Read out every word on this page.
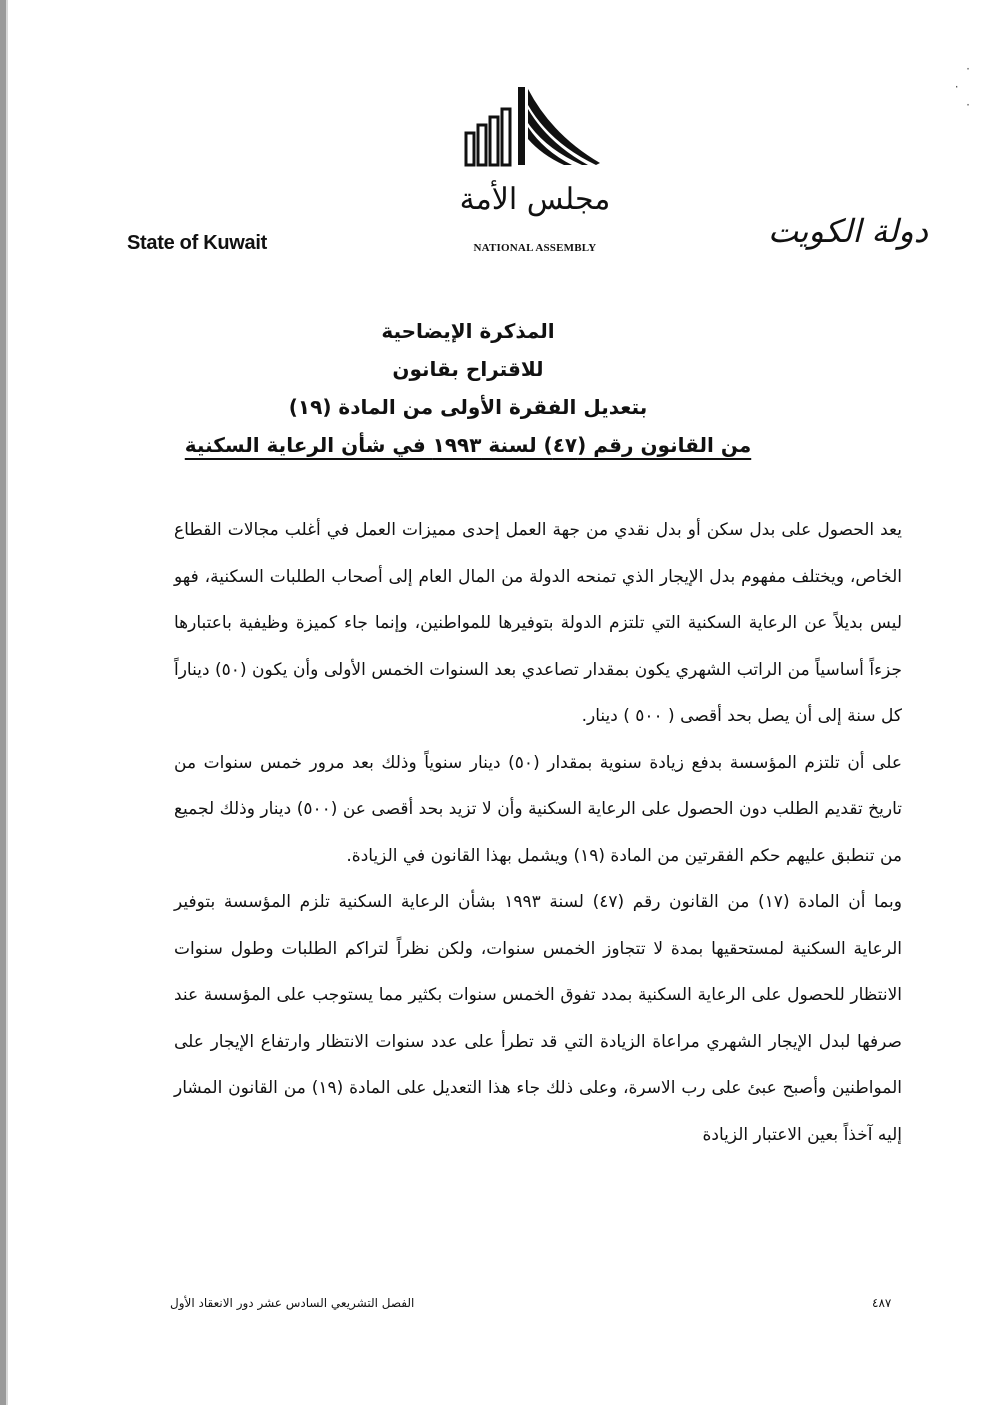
·
·
·
State of Kuwait	دولة الكويت
مجلس الأمة
NATIONAL ASSEMBLY
المذكرة الإيضاحية
للاقتراح بقانون
بتعديل الفقرة الأولى من المادة (١٩)
من القانون رقم (٤٧) لسنة ١٩٩٣ في شأن الرعاية السكنية

يعد الحصول على بدل سكن أو بدل نقدي من جهة العمل إحدى مميزات العمل في أغلب مجالات القطاع الخاص، ويختلف مفهوم بدل الإيجار الذي تمنحه الدولة من المال العام إلى أصحاب الطلبات السكنية، فهو ليس بديلاً عن الرعاية السكنية التي تلتزم الدولة بتوفيرها للمواطنين، وإنما جاء كميزة وظيفية باعتبارها جزءاً أساسياً من الراتب الشهري يكون بمقدار تصاعدي بعد السنوات الخمس الأولى وأن يكون (٥٠) ديناراً كل سنة إلى أن يصل بحد أقصى ( ٥٠٠ ) دينار.

على أن تلتزم المؤسسة بدفع زيادة سنوية بمقدار (٥٠) دينار سنوياً وذلك بعد مرور خمس سنوات من تاريخ تقديم الطلب دون الحصول على الرعاية السكنية وأن لا تزيد بحد أقصى عن (٥٠٠) دينار وذلك لجميع من تنطبق عليهم حكم الفقرتين من المادة (١٩) ويشمل بهذا القانون في الزيادة.

وبما أن المادة (١٧) من القانون رقم (٤٧) لسنة ١٩٩٣ بشأن الرعاية السكنية تلزم المؤسسة بتوفير الرعاية السكنية لمستحقيها بمدة لا تتجاوز الخمس سنوات، ولكن نظراً لتراكم الطلبات وطول سنوات الانتظار للحصول على الرعاية السكنية بمدد تفوق الخمس سنوات بكثير مما يستوجب على المؤسسة عند صرفها لبدل الإيجار الشهري مراعاة الزيادة التي قد تطرأ على عدد سنوات الانتظار وارتفاع الإيجار على المواطنين وأصبح عبئ على رب الاسرة، وعلى ذلك جاء هذا التعديل على المادة (١٩) من القانون المشار إليه آخذاً بعين الاعتبار الزيادة

الفصل التشريعي السادس عشر دور الانعقاد الأول	٤٨٧
